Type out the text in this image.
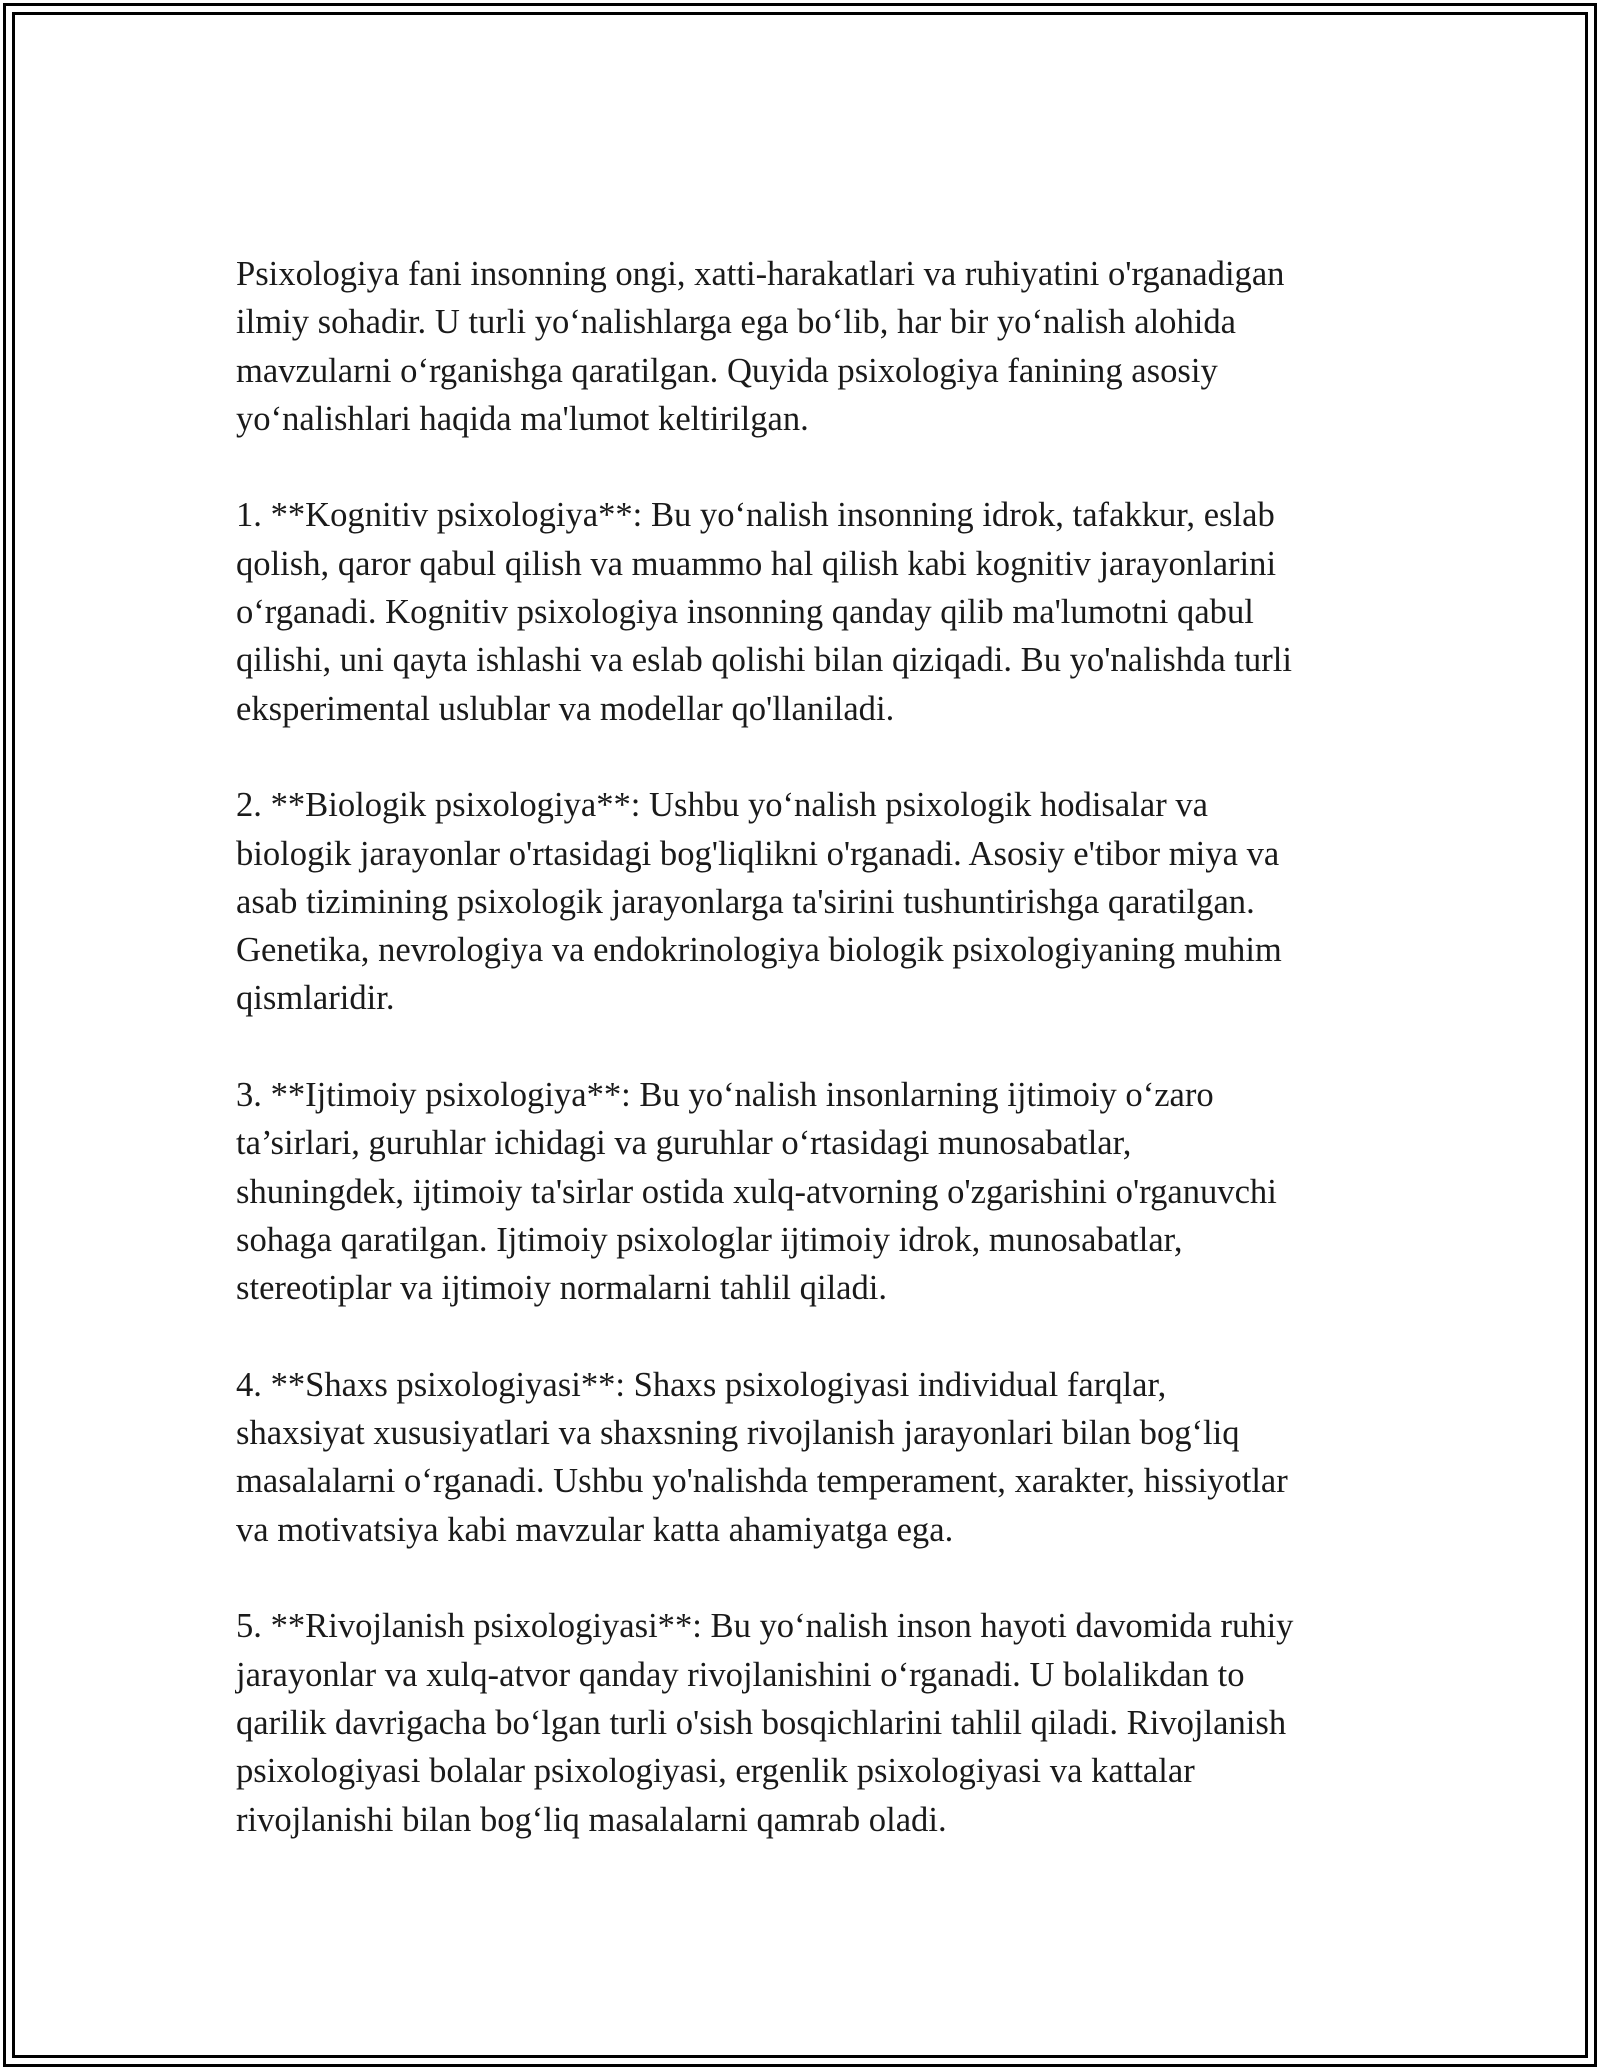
Psixologiya fani insonning ongi, xatti-harakatlari va ruhiyatini o'rganadigan
ilmiy sohadir. U turli yo‘nalishlarga ega bo‘lib, har bir yo‘nalish alohida
mavzularni o‘rganishga qaratilgan. Quyida psixologiya fanining asosiy
yo‘nalishlari haqida ma'lumot keltirilgan.

1. **Kognitiv psixologiya**: Bu yo‘nalish insonning idrok, tafakkur, eslab
qolish, qaror qabul qilish va muammo hal qilish kabi kognitiv jarayonlarini
o‘rganadi. Kognitiv psixologiya insonning qanday qilib ma'lumotni qabul
qilishi, uni qayta ishlashi va eslab qolishi bilan qiziqadi. Bu yo'nalishda turli
eksperimental uslublar va modellar qo'llaniladi.

2. **Biologik psixologiya**: Ushbu yo‘nalish psixologik hodisalar va
biologik jarayonlar o'rtasidagi bog'liqlikni o'rganadi. Asosiy e'tibor miya va
asab tizimining psixologik jarayonlarga ta'sirini tushuntirishga qaratilgan.
Genetika, nevrologiya va endokrinologiya biologik psixologiyaning muhim
qismlaridir.

3. **Ijtimoiy psixologiya**: Bu yo‘nalish insonlarning ijtimoiy o‘zaro
ta’sirlari, guruhlar ichidagi va guruhlar o‘rtasidagi munosabatlar,
shuningdek, ijtimoiy ta'sirlar ostida xulq-atvorning o'zgarishini o'rganuvchi
sohaga qaratilgan. Ijtimoiy psixologlar ijtimoiy idrok, munosabatlar,
stereotiplar va ijtimoiy normalarni tahlil qiladi.

4. **Shaxs psixologiyasi**: Shaxs psixologiyasi individual farqlar,
shaxsiyat xususiyatlari va shaxsning rivojlanish jarayonlari bilan bog‘liq
masalalarni o‘rganadi. Ushbu yo'nalishda temperament, xarakter, hissiyotlar
va motivatsiya kabi mavzular katta ahamiyatga ega.

5. **Rivojlanish psixologiyasi**: Bu yo‘nalish inson hayoti davomida ruhiy
jarayonlar va xulq-atvor qanday rivojlanishini o‘rganadi. U bolalikdan to
qarilik davrigacha bo‘lgan turli o'sish bosqichlarini tahlil qiladi. Rivojlanish
psixologiyasi bolalar psixologiyasi, ergenlik psixologiyasi va kattalar
rivojlanishi bilan bog‘liq masalalarni qamrab oladi.
